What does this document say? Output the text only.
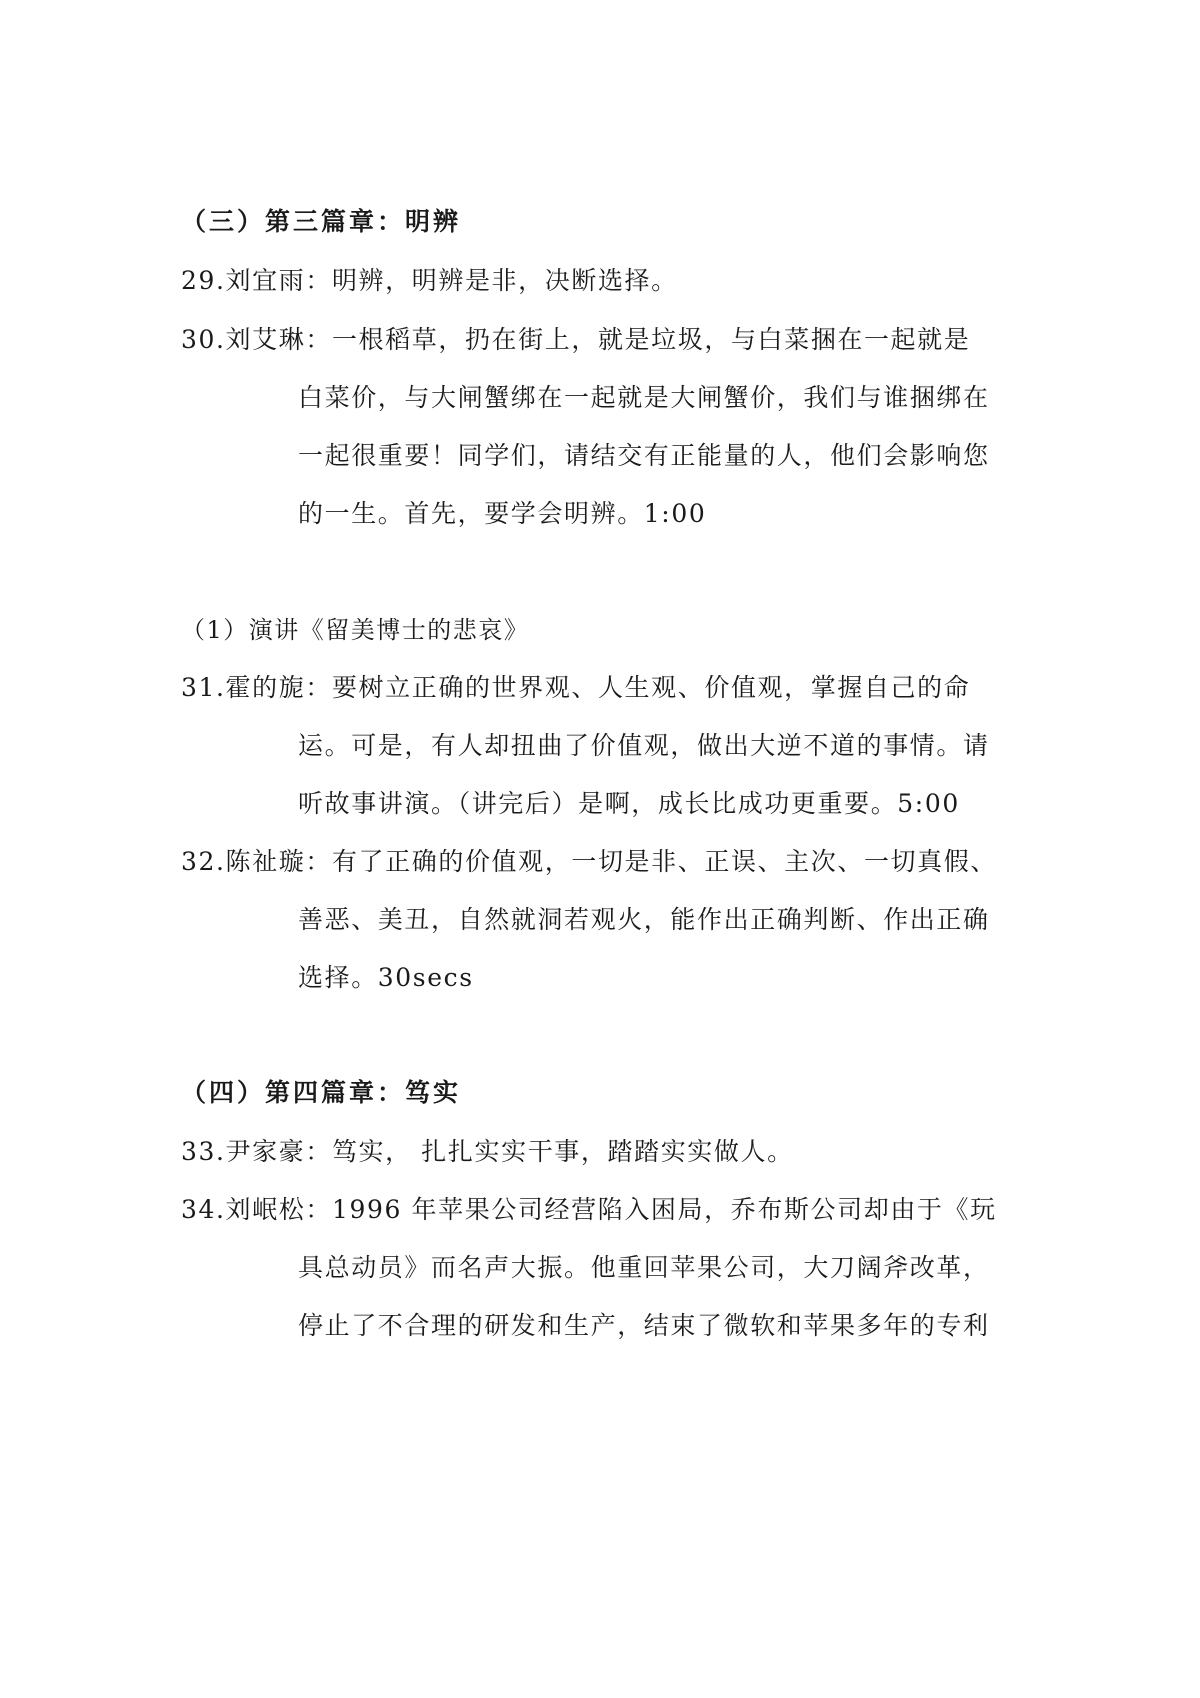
（三）第三篇章：明辨
29.刘宜雨：明辨，明辨是非，决断选择。
30.刘艾琳：一根稻草，扔在街上，就是垃圾，与白菜捆在一起就是
白菜价，与大闸蟹绑在一起就是大闸蟹价，我们与谁捆绑在
一起很重要！同学们，请结交有正能量的人，他们会影响您
的一生。首先，要学会明辨。1:00
（1）演讲《留美博士的悲哀》
31.霍的旎：要树立正确的世界观、人生观、价值观，掌握自己的命
运。可是，有人却扭曲了价值观，做出大逆不道的事情。请
听故事讲演。（讲完后）是啊，成长比成功更重要。5:00
32.陈祉璇：有了正确的价值观，一切是非、正误、主次、一切真假、
善恶、美丑，自然就洞若观火，能作出正确判断、作出正确
选择。30secs
（四）第四篇章：笃实
33.尹家豪：笃实， 扎扎实实干事，踏踏实实做人。
34.刘岷松：1996 年苹果公司经营陷入困局，乔布斯公司却由于《玩
具总动员》而名声大振。他重回苹果公司，大刀阔斧改革，
停止了不合理的研发和生产，结束了微软和苹果多年的专利
